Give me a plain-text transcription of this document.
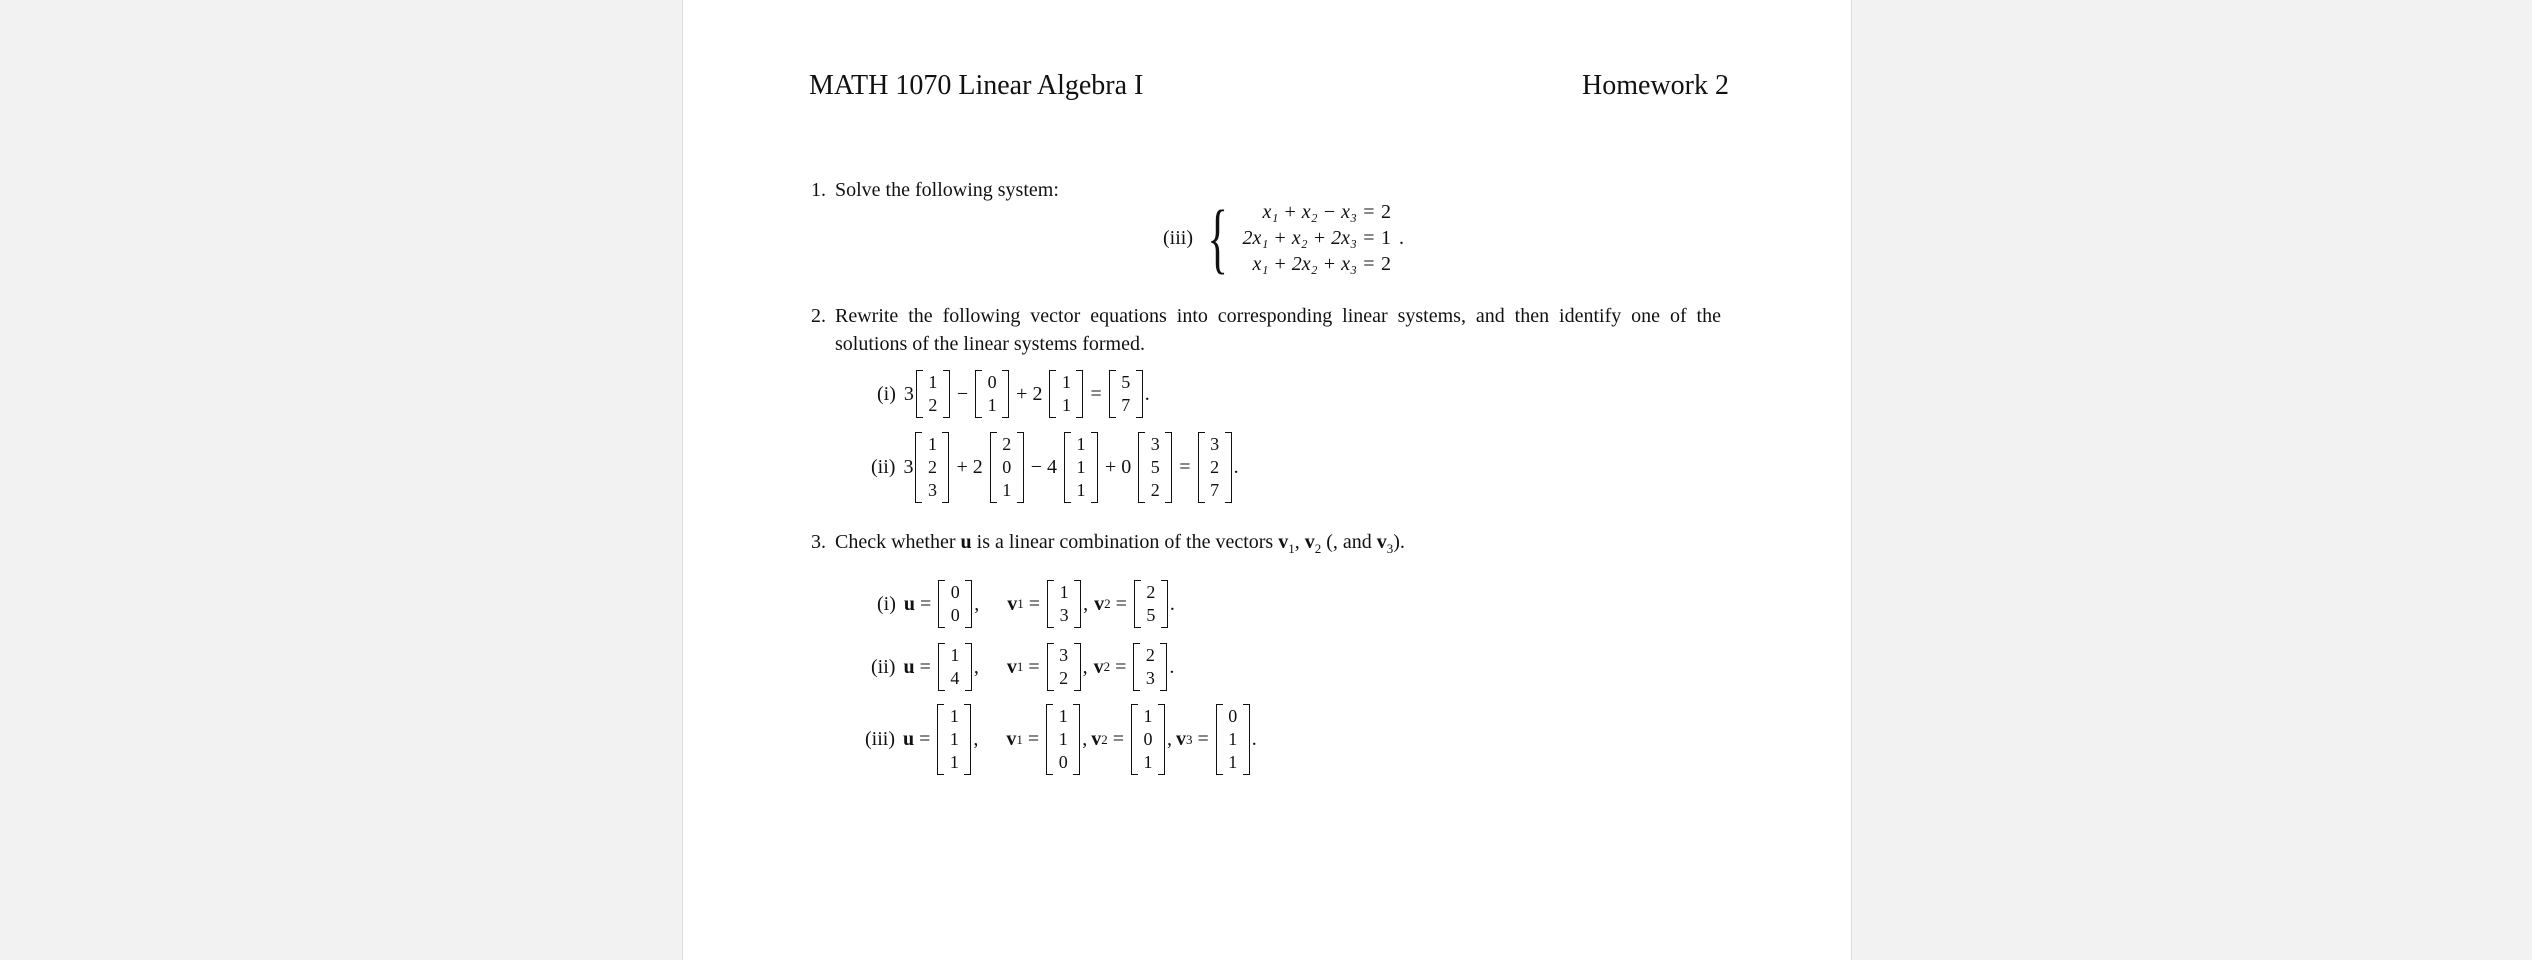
MATH 1070 Linear Algebra I	Homework 2
1. Solve the following system:
(iii) {	x₁ + x₂ − x₃ = 2
2x₁ + x₂ + 2x₃ = 1
x₁ + 2x₂ + x₃ = 2
.
2. Rewrite the following vector equations into corresponding linear systems, and then identify one of the solutions of the linear systems formed.
(i) 3
1
2
−
0
1
+ 2
1
1
=
5
7
.
(ii) 3
1
2
3
+ 2
2
0
1
− 4
1
1
1
+ 0
3
5
2
=
3
2
7
.
3. Check whether u is a linear combination of the vectors $v_1$, $v_2$ (, and $v_3$).
(i) u =
0
0
, v 1 =
1
3
, v 2 =
2
5
.
(ii) u =
1
4
, v 1 =
3
2
, v 2 =
2
3
.
(iii) u =
1
1
1
, v 1 =
1
1
0
, v 2 =
1
0
1
, v 3 =
0
1
1
.
